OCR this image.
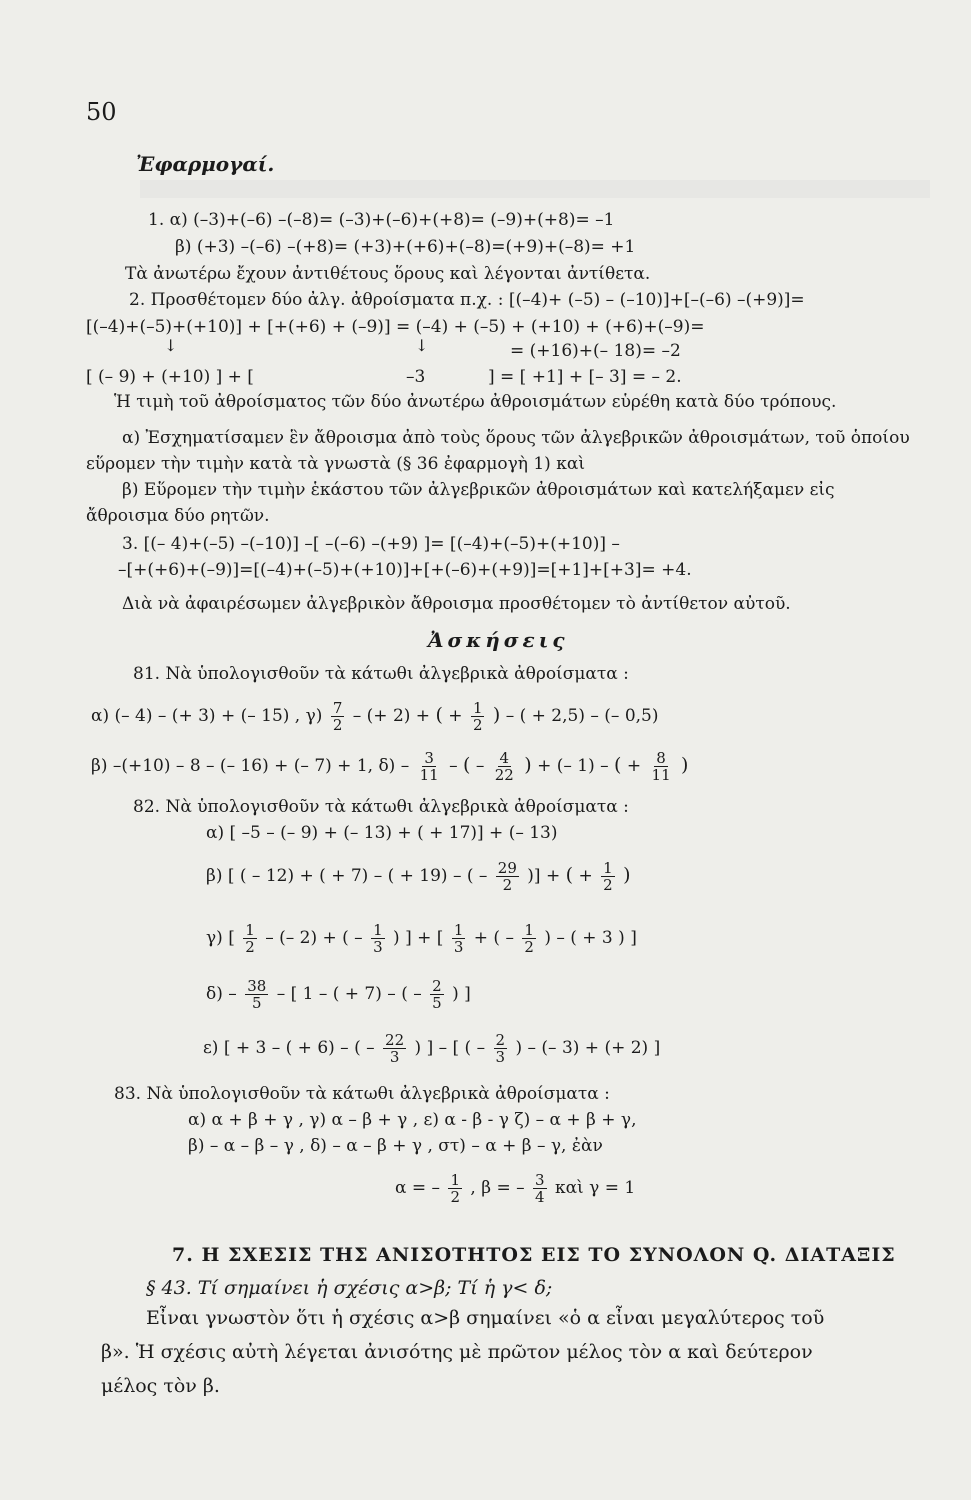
50
Ἐφαρμογαί.
1. α) (–3)+(–6) –(–8)= (–3)+(–6)+(+8)= (–9)+(+8)= –1
β) (+3) –(–6) –(+8)= (+3)+(+6)+(–8)=(+9)+(–8)= +1
Τὰ ἀνωτέρω ἔχουν ἀντιθέτους ὅρους καὶ λέγονται ἀντίθετα.
2. Προσθέτομεν δύο ἀλγ. ἀθροίσματα π.χ. : [(–4)+ (–5) – (–10)]+[–(–6) –(+9)]=
[(–4)+(–5)+(+10)] + [+(+6) + (–9)] = (–4) + (–5) + (+10) + (+6)+(–9)=
↓	↓	= (+16)+(– 18)= –2
[ (– 9) + (+10) ] + [	–3	] = [ +1] + [– 3] = – 2.
Ἡ τιμὴ τοῦ ἀθροίσματος τῶν δύο ἀνωτέρω ἀθροισμάτων εὑρέθη κατὰ δύο τρόπους.
α) Ἐσχηματίσαμεν ἓν ἄθροισμα ἀπὸ τοὺς ὅρους τῶν ἀλγεβρικῶν ἀθροισμάτων, τοῦ ὁποίου
εὕρομεν τὴν τιμὴν κατὰ τὰ γνωστὰ (§ 36 ἐφαρμογὴ 1) καὶ
β) Εὕρομεν τὴν τιμὴν ἑκάστου τῶν ἀλγεβρικῶν ἀθροισμάτων καὶ κατελήξαμεν εἰς
ἄθροισμα δύο ρητῶν.
3. [(– 4)+(–5) –(–10)] –[ –(–6) –(+9) ]= [(–4)+(–5)+(+10)] –
–[+(+6)+(–9)]=[(–4)+(–5)+(+10)]+[+(–6)+(+9)]=[+1]+[+3]= +4.
Διὰ νὰ ἀφαιρέσωμεν ἀλγεβρικὸν ἄθροισμα προσθέτομεν τὸ ἀντίθετον αὐτοῦ.
Ἀσκήσεις
81. Νὰ ὑπολογισθοῦν τὰ κάτωθι ἀλγεβρικὰ ἀθροίσματα :
α) (– 4) – (+ 3) + (– 15) , $\gamma) \frac{7}{2}$ – (+ 2) + ( + $\frac{1}{2}$ ) – ( + 2,5) – (– 0,5)
β) –(+10) – 8 – (– 16) + (– 7) + 1, $\delta) - \frac{3}{11}$ – ( – $\frac{4}{22}$ ) + (– 1) – ( + $\frac{8}{11}$ )
82. Νὰ ὑπολογισθοῦν τὰ κάτωθι ἀλγεβρικὰ ἀθροίσματα :
α) [ –5 – (– 9) + (– 13) + ( + 17)] + (– 13)
β) [ ( – 12) + ( + 7) – ( + 19) – ( – $\frac{29}{2}$ )] + ( + $\frac{1}{2}$ )
γ) [ $\frac{1}{2}$ – (– 2) + ( – $\frac{1}{3}$ ) ] + [ $\frac{1}{3}$ + ( – $\frac{1}{2}$ ) – ( + 3 ) ]
$\delta) - \frac{38}{5}$ – [ 1 – ( + 7) – ( – $\frac{2}{5}$ ) ]
ε) [ + 3 – ( + 6) – ( – $\frac{22}{3}$ ) ] – [ ( – $\frac{2}{3}$ ) – (– 3) + (+ 2) ]
83. Νὰ ὑπολογισθοῦν τὰ κάτωθι ἀλγεβρικὰ ἀθροίσματα :
α) α + β + γ , γ) α – β + γ , ε) α - β - γ ζ) – α + β + γ,
β) – α – β – γ , δ) – α – β + γ , στ) – α + β – γ, ἐὰν
α = – $\frac{1}{2}$ , β = – $\frac{3}{4}$ καὶ γ = 1
7. Η ΣΧΕΣΙΣ ΤΗΣ ΑΝΙΣΟΤΗΤΟΣ ΕΙΣ ΤΟ ΣΥΝΟΛΟΝ Q. ΔΙΑΤΑΞΙΣ
§ 43. Τί σημαίνει ἡ σχέσις α>β; Τί ἡ γ< δ;
Εἶναι γνωστὸν ὅτι ἡ σχέσις α>β σημαίνει «ὁ α εἶναι μεγαλύτερος τοῦ
β». Ἡ σχέσις αὐτὴ λέγεται ἀνισότης μὲ πρῶτον μέλος τὸν α καὶ δεύτερον
μέλος τὸν β.
